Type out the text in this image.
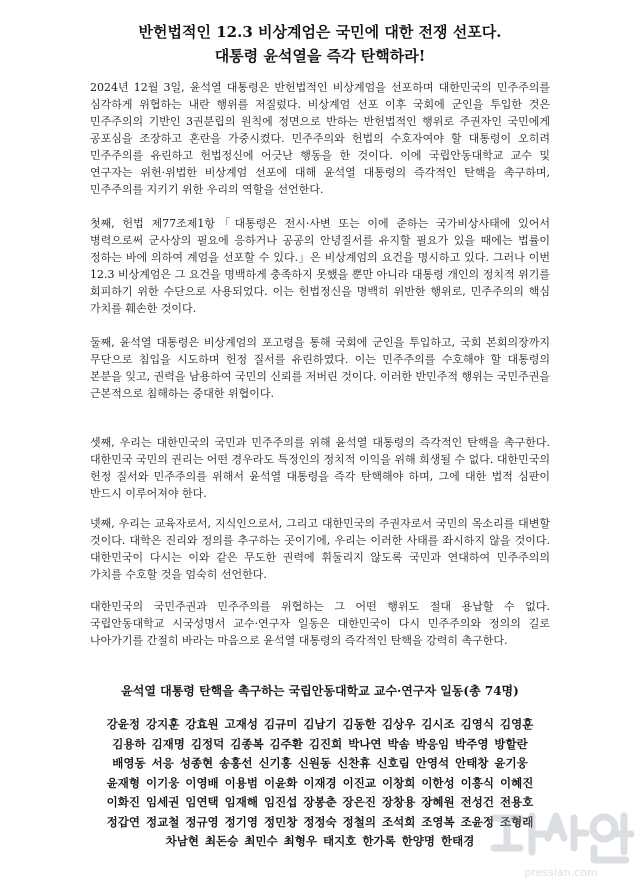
반헌법적인 12.3 비상계엄은 국민에 대한 전쟁 선포다.
대통령 윤석열을 즉각 탄핵하라!

2024년 12월 3일, 윤석열 대통령은 반헌법적인 비상계엄을 선포하며 대한민국의 민주주의를 심각하게 위협하는 내란 행위를 저질렀다. 비상계엄 선포 이후 국회에 군인을 투입한 것은 민주주의의 기반인 3권분립의 원칙에 정면으로 반하는 반헌법적인 행위로 주권자인 국민에게 공포심을 조장하고 혼란을 가중시켰다. 민주주의와 헌법의 수호자여야 할 대통령이 오히려 민주주의를 유린하고 헌법정신에 어긋난 행동을 한 것이다. 이에 국립안동대학교 교수 및 연구자는 위헌·위법한 비상계엄 선포에 대해 윤석열 대통령의 즉각적인 탄핵을 촉구하며, 민주주의를 지키기 위한 우리의 역할을 선언한다.

첫째, 헌법 제77조제1항「대통령은 전시·사변 또는 이에 준하는 국가비상사태에 있어서 병력으로써 군사상의 필요에 응하거나 공공의 안녕질서를 유지할 필요가 있을 때에는 법률이 정하는 바에 의하여 계엄을 선포할 수 있다.」은 비상계엄의 요건을 명시하고 있다. 그러나 이번 12.3 비상계엄은 그 요건을 명백하게 충족하지 못했을 뿐만 아니라 대통령 개인의 정치적 위기를 회피하기 위한 수단으로 사용되었다. 이는 헌법정신을 명백히 위반한 행위로, 민주주의의 핵심 가치를 훼손한 것이다.

둘째, 윤석열 대통령은 비상계엄의 포고령을 통해 국회에 군인을 투입하고, 국회 본회의장까지 무단으로 침입을 시도하며 헌정 질서를 유린하였다. 이는 민주주의를 수호해야 할 대통령의 본분을 잊고, 권력을 남용하여 국민의 신뢰를 저버린 것이다. 이러한 반민주적 행위는 국민주권을 근본적으로 침해하는 중대한 위협이다.

셋째, 우리는 대한민국의 국민과 민주주의를 위해 윤석열 대통령의 즉각적인 탄핵을 촉구한다. 대한민국 국민의 권리는 어떤 경우라도 특정인의 정치적 이익을 위해 희생될 수 없다. 대한민국의 헌정 질서와 민주주의를 위해서 윤석열 대통령을 즉각 탄핵해야 하며, 그에 대한 법적 심판이 반드시 이루어져야 한다.

넷째, 우리는 교육자로서, 지식인으로서, 그리고 대한민국의 주권자로서 국민의 목소리를 대변할 것이다. 대학은 진리와 정의를 추구하는 곳이기에, 우리는 이러한 사태를 좌시하지 않을 것이다. 대한민국이 다시는 이와 같은 무도한 권력에 휘둘리지 않도록 국민과 연대하여 민주주의의 가치를 수호할 것을 엄숙히 선언한다.

대한민국의 국민주권과 민주주의를 위협하는 그 어떤 행위도 절대 용납할 수 없다. 국립안동대학교 시국성명서 교수·연구자 일동은 대한민국이 다시 민주주의와 정의의 길로 나아가기를 간절히 바라는 마음으로 윤석열 대통령의 즉각적인 탄핵을 강력히 촉구한다.

윤석열 대통령 탄핵을 촉구하는 국립안동대학교 교수·연구자 일동(총 74명)
강윤정 강지훈 강효원 고재성 김규미 김남기 김동한 김상우 김시조 김영식 김영훈
김용하 김재명 김정덕 김종복 김주환 김진희 박나연 박솜 박응임 박주영 방할란
배영동 서응 성종현 송홍선 신기홍 신원동 신찬휴 신호림 안영석 안태창 윤기웅
윤재형 이기웅 이영배 이용범 이윤화 이재경 이진교 이창희 이한성 이흥식 이혜진
이화진 임세권 임연택 임재해 임진섭 장봉춘 장은진 장창용 장혜원 전성건 전용호
정갑연 정교철 정규영 정기영 정민창 정정숙 정철의 조석희 조영복 조윤정 조형래
차남현 최돈승 최민수 최형우 태지호 한가록 한양명 한태경
pressian.com
